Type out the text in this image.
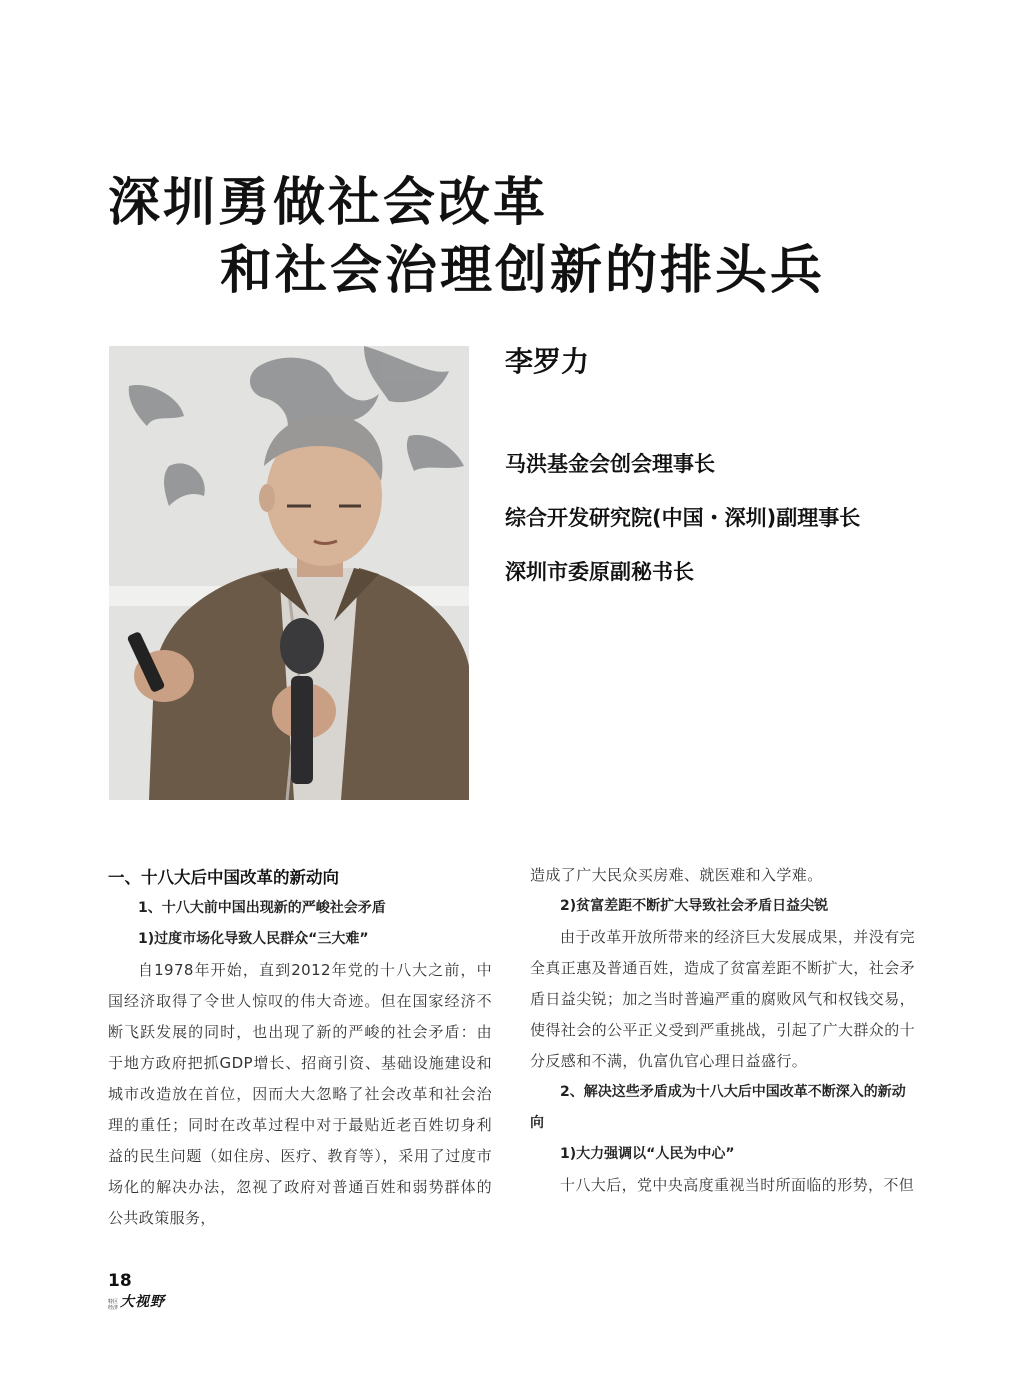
深圳勇做社会改革
和社会治理创新的排头兵
李罗力
马洪基金会创会理事长
综合开发研究院(中国・深圳)副理事长
深圳市委原副秘书长

一、十八大后中国改革的新动向

1、十八大前中国出现新的严峻社会矛盾

1)过度市场化导致人民群众“三大难”

自1978年开始，直到2012年党的十八大之前，中国经济取得了令世人惊叹的伟大奇迹。但在国家经济不断飞跃发展的同时，也出现了新的严峻的社会矛盾：由于地方政府把抓GDP增长、招商引资、基础设施建设和城市改造放在首位，因而大大忽略了社会改革和社会治理的重任；同时在改革过程中对于最贴近老百姓切身利益的民生问题（如住房、医疗、教育等），采用了过度市场化的解决办法，忽视了政府对普通百姓和弱势群体的公共政策服务，

造成了广大民众买房难、就医难和入学难。

2)贫富差距不断扩大导致社会矛盾日益尖锐

由于改革开放所带来的经济巨大发展成果，并没有完全真正惠及普通百姓，造成了贫富差距不断扩大，社会矛盾日益尖锐；加之当时普遍严重的腐败风气和权钱交易，使得社会的公平正义受到严重挑战，引起了广大群众的十分反感和不满，仇富仇官心理日益盛行。

2、解决这些矛盾成为十八大后中国改革不断深入的新动向

1)大力强调以“人民为中心”

十八大后，党中央高度重视当时所面临的形势，不但

18
特区
经济 大视野
